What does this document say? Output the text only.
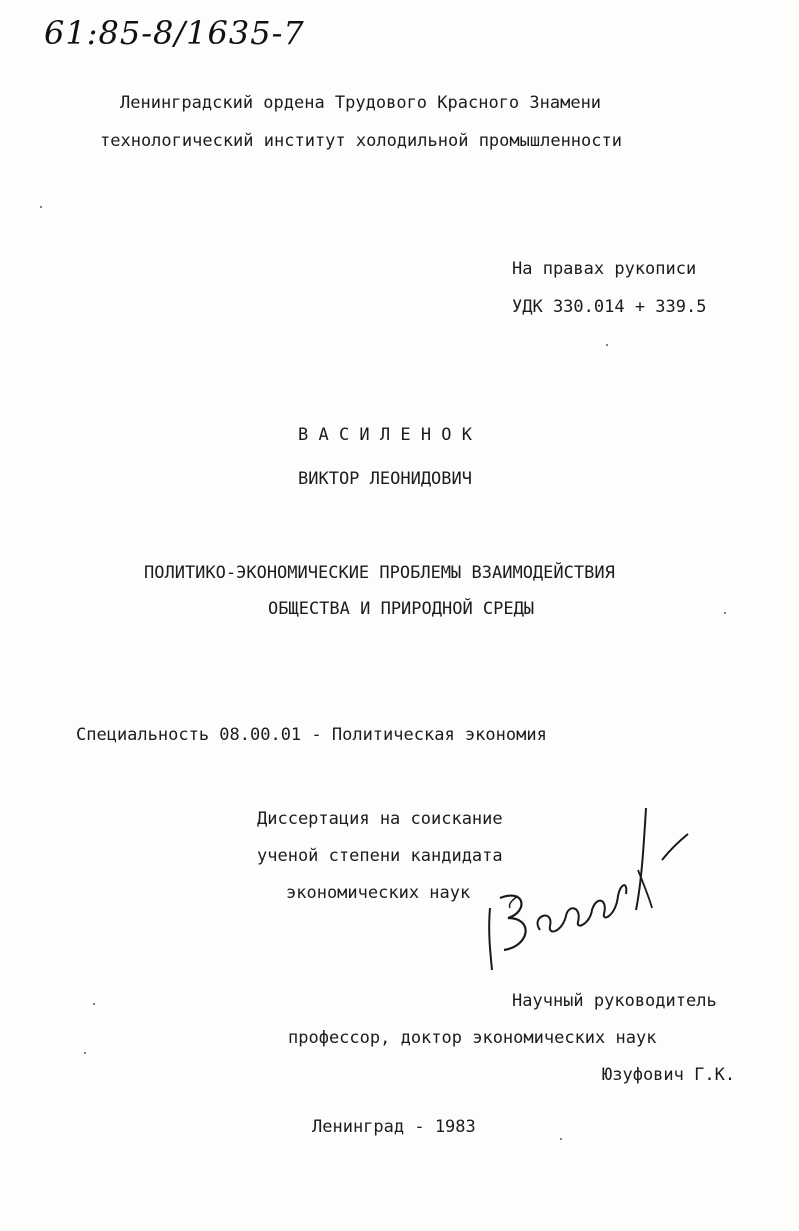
61:85-8/1635-7
Ленинградский ордена Трудового Красного Знамени
технологический институт холодильной промышленности
На правах рукописи
УДК 330.014 + 339.5
В А С И Л Е Н О К
ВИКТОР ЛЕОНИДОВИЧ
ПОЛИТИКО-ЭКОНОМИЧЕСКИЕ ПРОБЛЕМЫ ВЗАИМОДЕЙСТВИЯ
ОБЩЕСТВА И ПРИРОДНОЙ СРЕДЫ
Специальность 08.00.01 - Политическая экономия
Диссертация на соискание
ученой степени кандидата
экономических наук
Научный руководитель
профессор, доктор экономических наук
Юзуфович Г.К.
Ленинград - 1983
